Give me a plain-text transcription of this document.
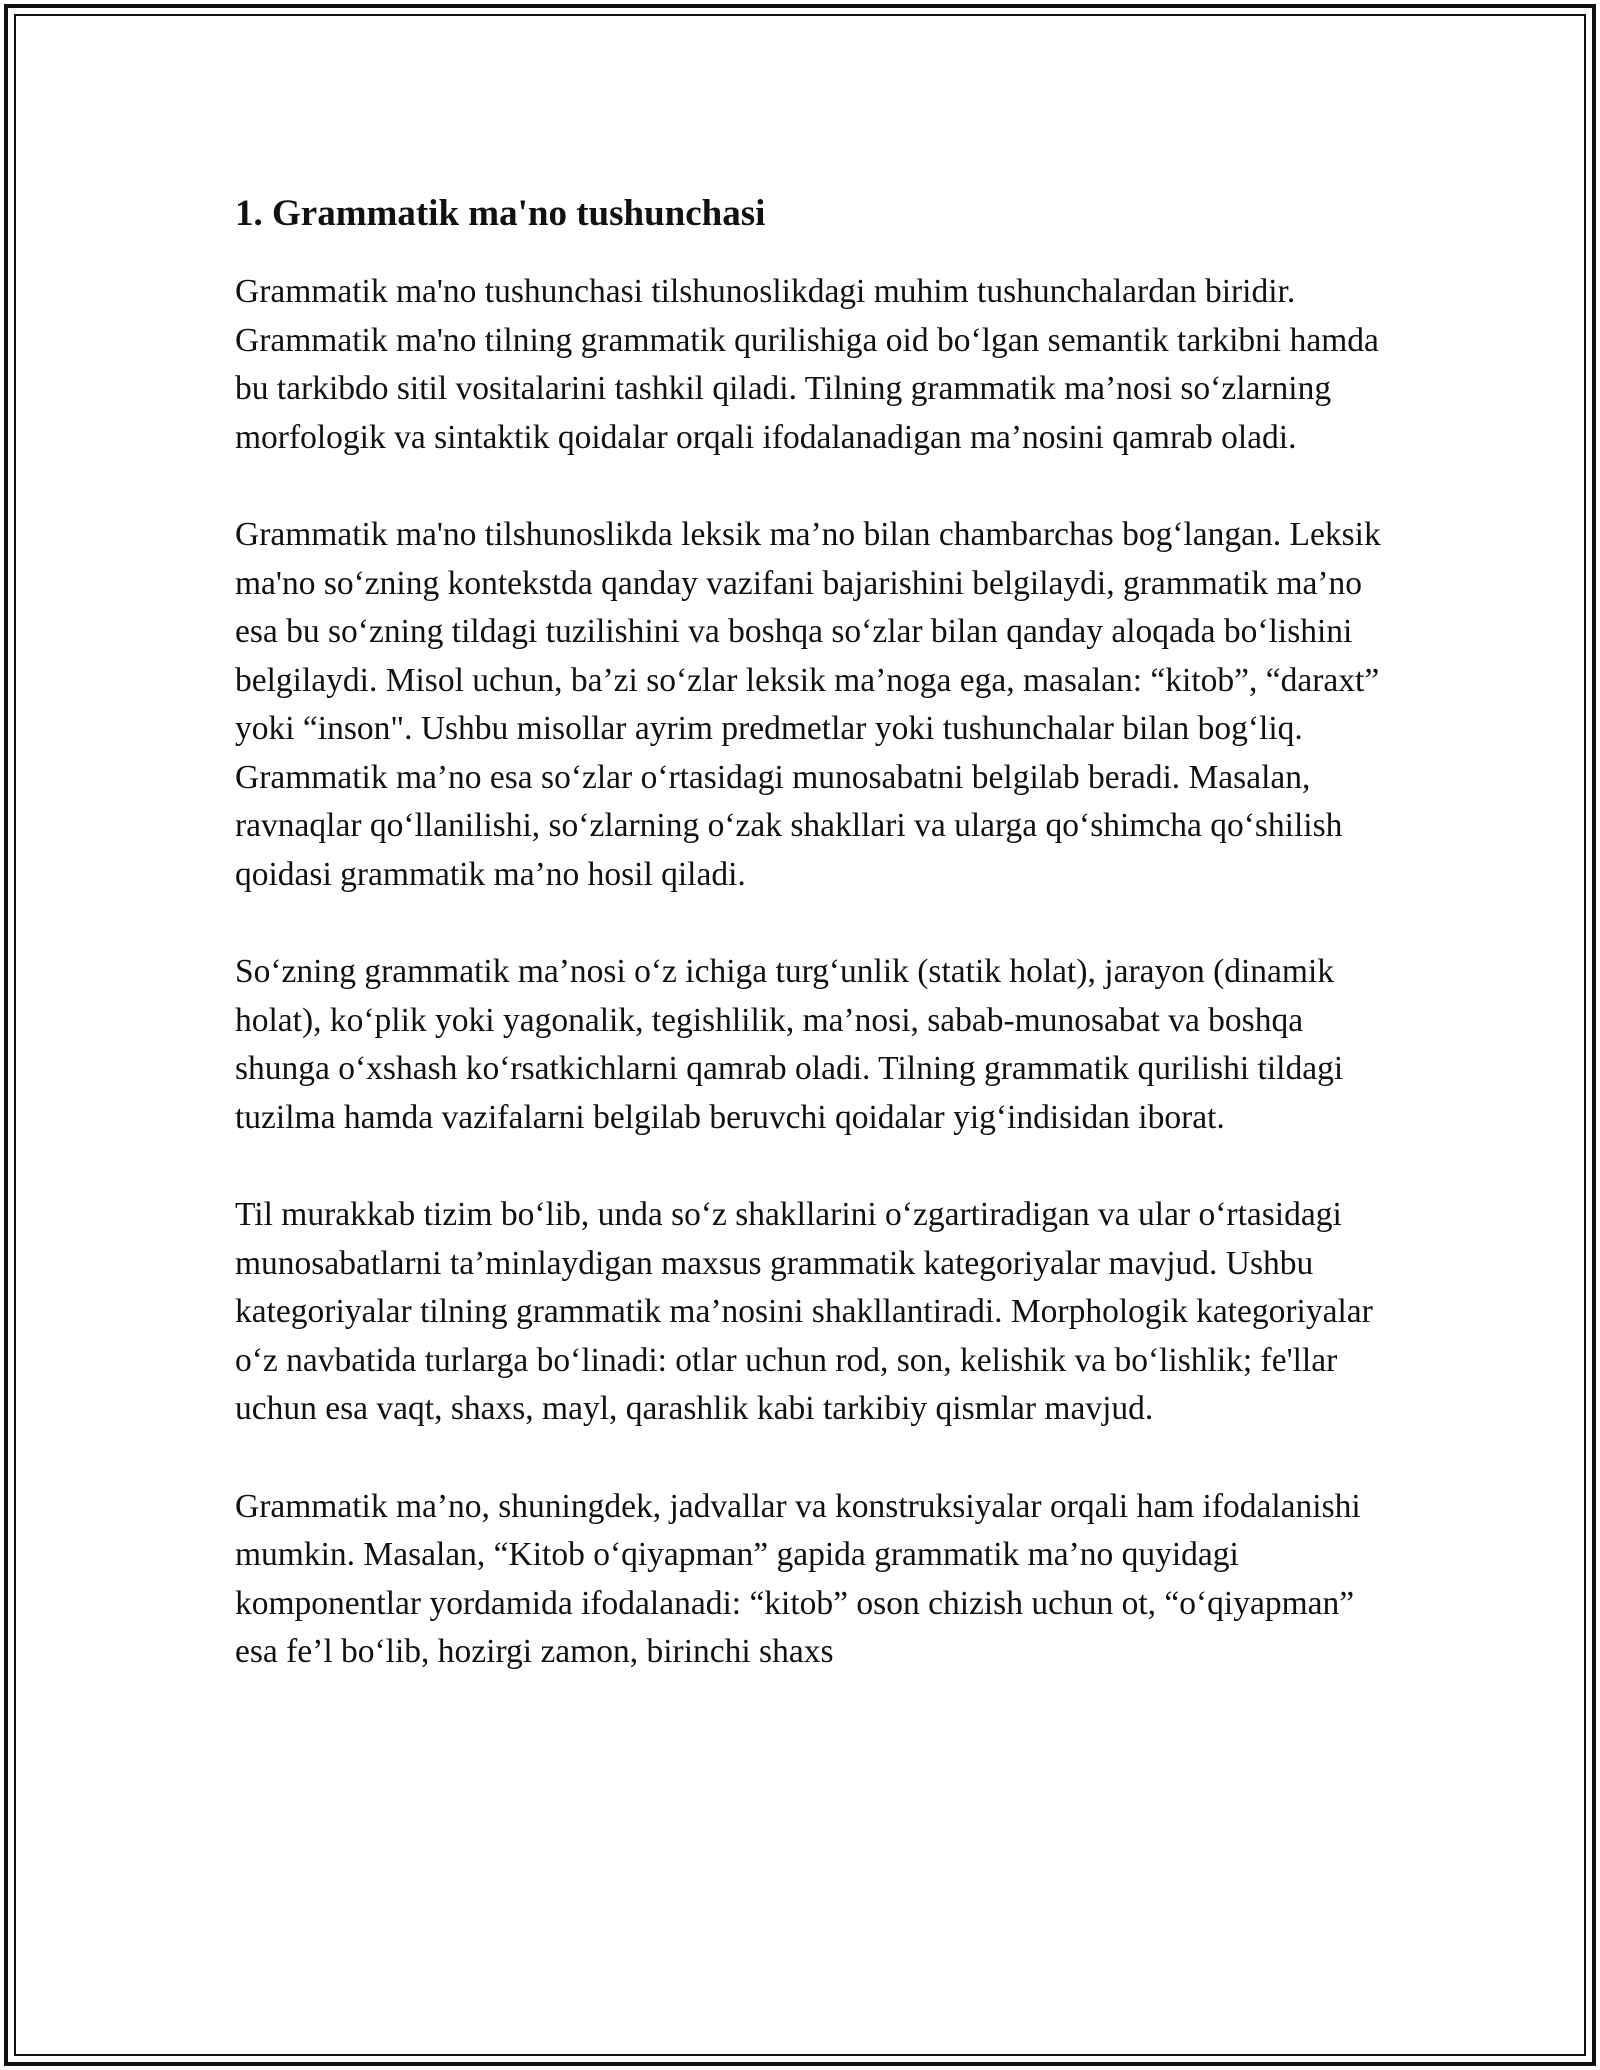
1. Grammatik ma'no tushunchasi

Grammatik ma'no tushunchasi tilshunoslikdagi muhim tushunchalardan biridir. Grammatik ma'no tilning grammatik qurilishiga oid bo‘lgan semantik tarkibni hamda bu tarkibdo sitil vositalarini tashkil qiladi. Tilning grammatik ma’nosi so‘zlarning morfologik va sintaktik qoidalar orqali ifodalanadigan ma’nosini qamrab oladi.

Grammatik ma'no tilshunoslikda leksik ma’no bilan chambarchas bog‘langan. Leksik ma'no so‘zning kontekstda qanday vazifani bajarishini belgilaydi, grammatik ma’no esa bu so‘zning tildagi tuzilishini va boshqa so‘zlar bilan qanday aloqada bo‘lishini belgilaydi. Misol uchun, ba’zi so‘zlar leksik ma’noga ega, masalan: “kitob”, “daraxt” yoki “inson". Ushbu misollar ayrim predmetlar yoki tushunchalar bilan bog‘liq. Grammatik ma’no esa so‘zlar o‘rtasidagi munosabatni belgilab beradi. Masalan, ravnaqlar qo‘llanilishi, so‘zlarning o‘zak shakllari va ularga qo‘shimcha qo‘shilish qoidasi grammatik ma’no hosil qiladi.

So‘zning grammatik ma’nosi o‘z ichiga turg‘unlik (statik holat), jarayon (dinamik holat), ko‘plik yoki yagonalik, tegishlilik, ma’nosi, sabab-munosabat va boshqa shunga o‘xshash ko‘rsatkichlarni qamrab oladi. Tilning grammatik qurilishi tildagi tuzilma hamda vazifalarni belgilab beruvchi qoidalar yig‘indisidan iborat.

Til murakkab tizim bo‘lib, unda so‘z shakllarini o‘zgartiradigan va ular o‘rtasidagi munosabatlarni ta’minlaydigan maxsus grammatik kategoriyalar mavjud. Ushbu kategoriyalar tilning grammatik ma’nosini shakllantiradi. Morphologik kategoriyalar o‘z navbatida turlarga bo‘linadi: otlar uchun rod, son, kelishik va bo‘lishlik; fe'llar uchun esa vaqt, shaxs, mayl, qarashlik kabi tarkibiy qismlar mavjud.

Grammatik ma’no, shuningdek, jadvallar va konstruksiyalar orqali ham ifodalanishi mumkin. Masalan, “Kitob o‘qiyapman” gapida grammatik ma’no quyidagi komponentlar yordamida ifodalanadi: “kitob” oson chizish uchun ot, “o‘qiyapman” esa fe’l bo‘lib, hozirgi zamon, birinchi shaxs
